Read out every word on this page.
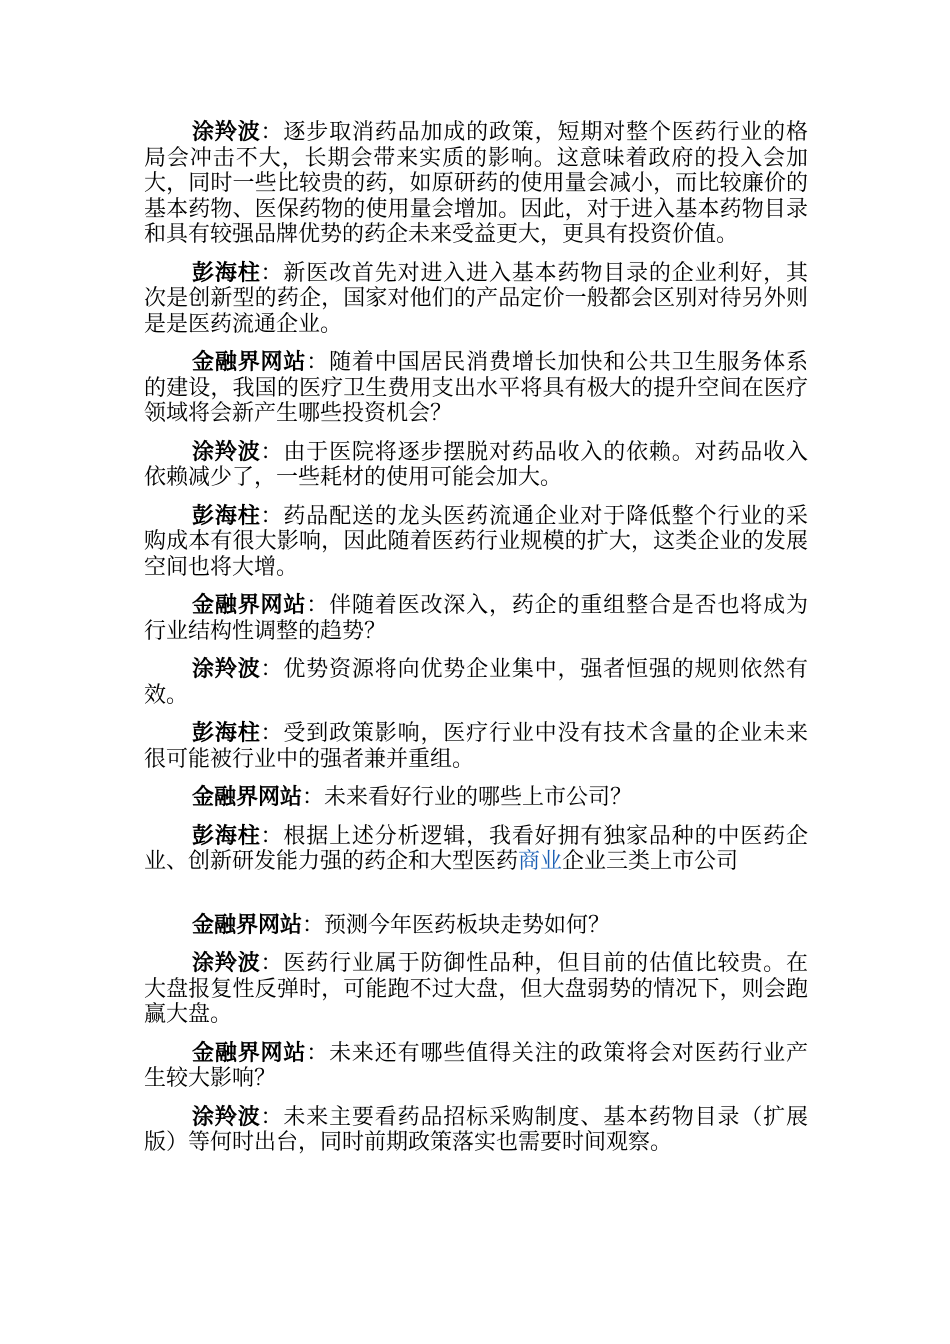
涂羚波：逐步取消药品加成的政策，短期对整个医药行业的格局会冲击不大，长期会带来实质的影响。这意味着政府的投入会加大，同时一些比较贵的药，如原研药的使用量会减小，而比较廉价的基本药物、医保药物的使用量会增加。因此，对于进入基本药物目录和具有较强品牌优势的药企未来受益更大，更具有投资价值。

彭海柱：新医改首先对进入进入基本药物目录的企业利好，其次是创新型的药企，国家对他们的产品定价一般都会区别对待另外则是是医药流通企业。

金融界网站：随着中国居民消费增长加快和公共卫生服务体系的建设，我国的医疗卫生费用支出水平将具有极大的提升空间在医疗领域将会新产生哪些投资机会？

涂羚波：由于医院将逐步摆脱对药品收入的依赖。对药品收入依赖减少了，一些耗材的使用可能会加大。

彭海柱：药品配送的龙头医药流通企业对于降低整个行业的采购成本有很大影响，因此随着医药行业规模的扩大，这类企业的发展空间也将大增。

金融界网站：伴随着医改深入，药企的重组整合是否也将成为行业结构性调整的趋势？

涂羚波：优势资源将向优势企业集中，强者恒强的规则依然有效。

彭海柱：受到政策影响，医疗行业中没有技术含量的企业未来很可能被行业中的强者兼并重组。

金融界网站：未来看好行业的哪些上市公司？

彭海柱：根据上述分析逻辑，我看好拥有独家品种的中医药企业、创新研发能力强的药企和大型医药商业企业三类上市公司

金融界网站：预测今年医药板块走势如何？

涂羚波：医药行业属于防御性品种，但目前的估值比较贵。在大盘报复性反弹时，可能跑不过大盘，但大盘弱势的情况下，则会跑赢大盘。

金融界网站：未来还有哪些值得关注的政策将会对医药行业产生较大影响？

涂羚波：未来主要看药品招标采购制度、基本药物目录（扩展版）等何时出台，同时前期政策落实也需要时间观察。
